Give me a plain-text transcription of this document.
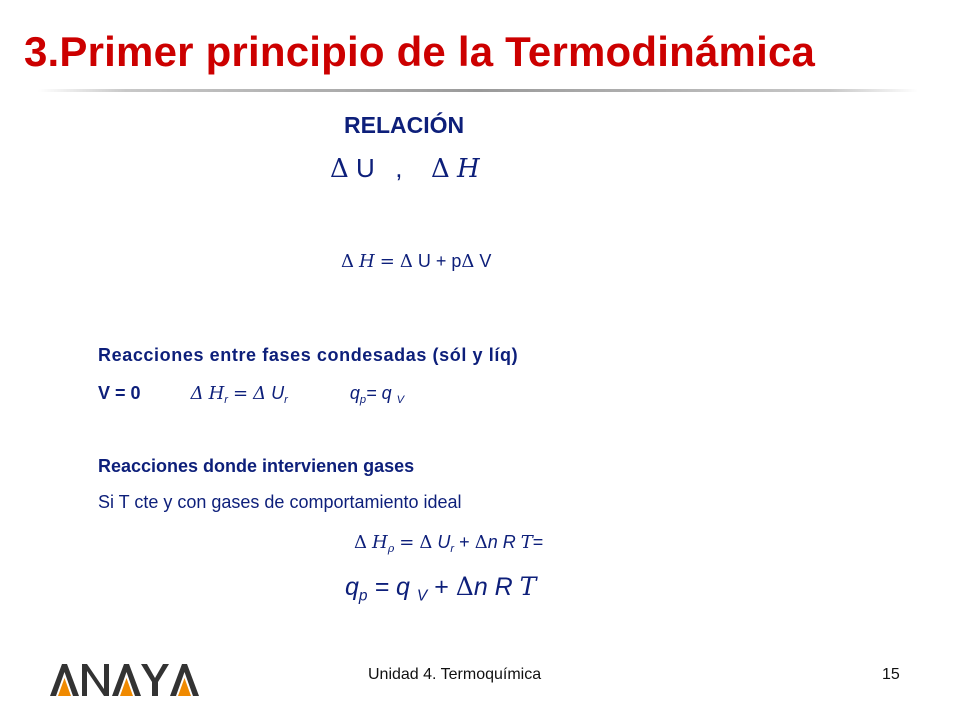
3.Primer principio de la Termodinámica
RELACIÓN
Δ U , Δ H
Δ H = Δ U + pΔ V
Reacciones entre fases condesadas (sól y líq)
V = 0	Δ $H_r = \Delta$ $U_r$	$q_p= q$ $_V$
Reacciones donde intervienen gases
Si T cte y con gases de comportamiento ideal
Δ $H_\rho = \Delta$ $U_r + \Delta n$ R T=
$q_p = q$ $_V$ + Δn R T
Unidad 4. Termoquímica	15
